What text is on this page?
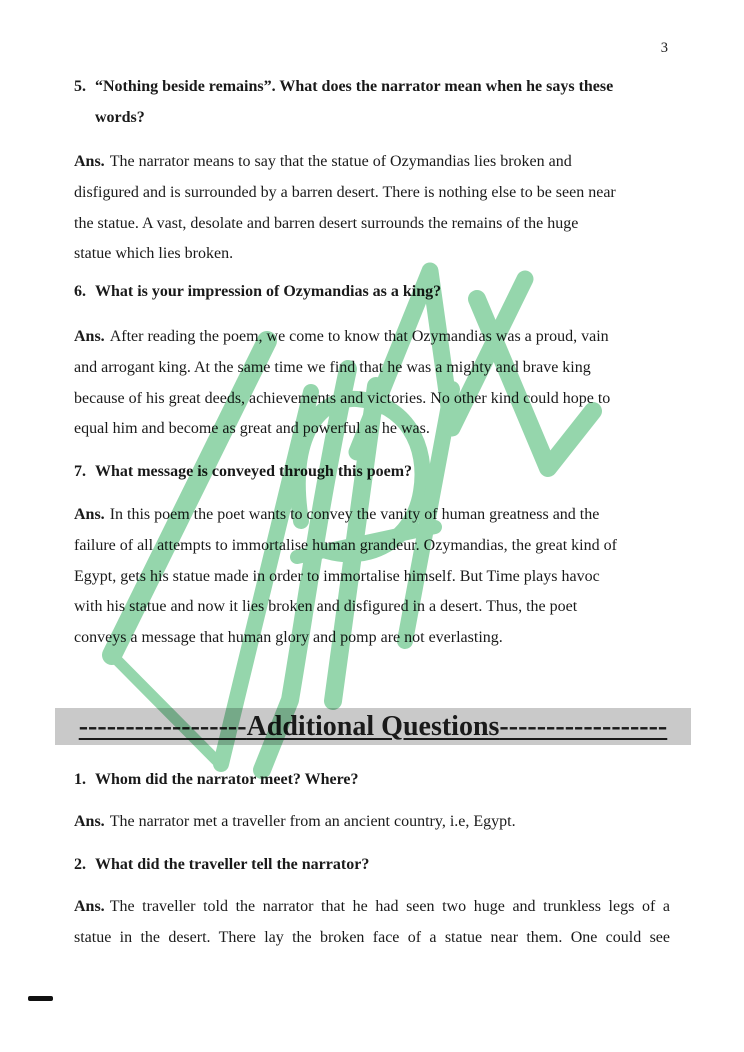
3
5. “Nothing beside remains”. What does the narrator mean when he says these
words?
Ans. The narrator means to say that the statue of Ozymandias lies broken and
disfigured and is surrounded by a barren desert. There is nothing else to be seen near
the statue. A vast, desolate and barren desert surrounds the remains of the huge
statue which lies broken.
6. What is your impression of Ozymandias as a king?
Ans. After reading the poem, we come to know that Ozymandias was a proud, vain
and arrogant king. At the same time we find that he was a mighty and brave king
because of his great deeds, achievements and victories. No other kind could hope to
equal him and become as great and powerful as he was.
7. What message is conveyed through this poem?
Ans. In this poem the poet wants to convey the vanity of human greatness and the
failure of all attempts to immortalise human grandeur. Ozymandias, the great kind of
Egypt, gets his statue made in order to immortalise himself. But Time plays havoc
with his statue and now it lies broken and disfigured in a desert. Thus, the poet
conveys a message that human glory and pomp are not everlasting.
------------------Additional Questions------------------
1. Whom did the narrator meet? Where?
Ans. The narrator met a traveller from an ancient country, i.e, Egypt.
2. What did the traveller tell the narrator?
Ans. The traveller told the narrator that he had seen two huge and trunkless legs of a
statue in the desert. There lay the broken face of a statue near them. One could see
